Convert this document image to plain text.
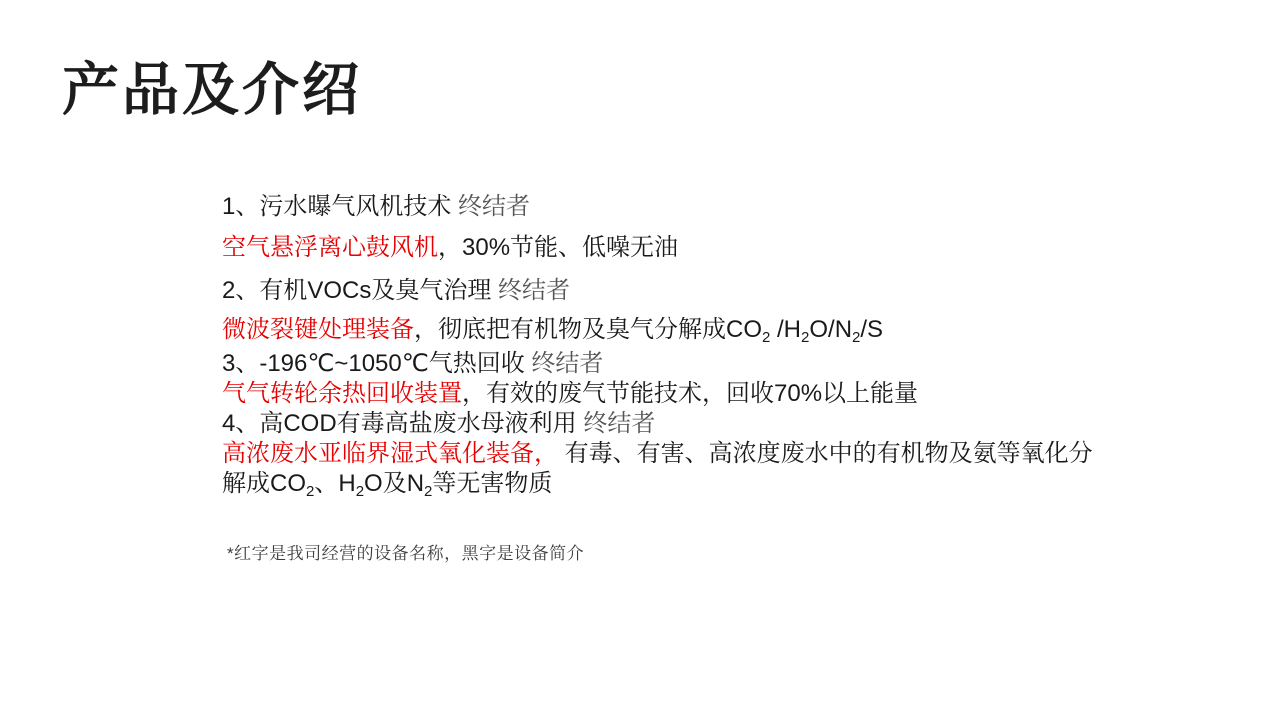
产品及介绍

1、污水曝气风机技术 终结者

空气悬浮离心鼓风机，30%节能、低噪无油

2、有机VOCs及臭气治理 终结者

微波裂键处理装备，彻底把有机物及臭气分解成$CO_2$ $/H_2O/N_2/S$

3、-196℃~1050℃气热回收 终结者

气气转轮余热回收装置，有效的废气节能技术，回收70%以上能量

4、高COD有毒高盐废水母液利用 终结者

高浓废水亚临界湿式氧化装备， 有毒、有害、高浓度废水中的有机物及氨等氧化分

解成$CO_2$、$H_2O$及$N_2$等无害物质

*红字是我司经营的设备名称，黑字是设备简介
